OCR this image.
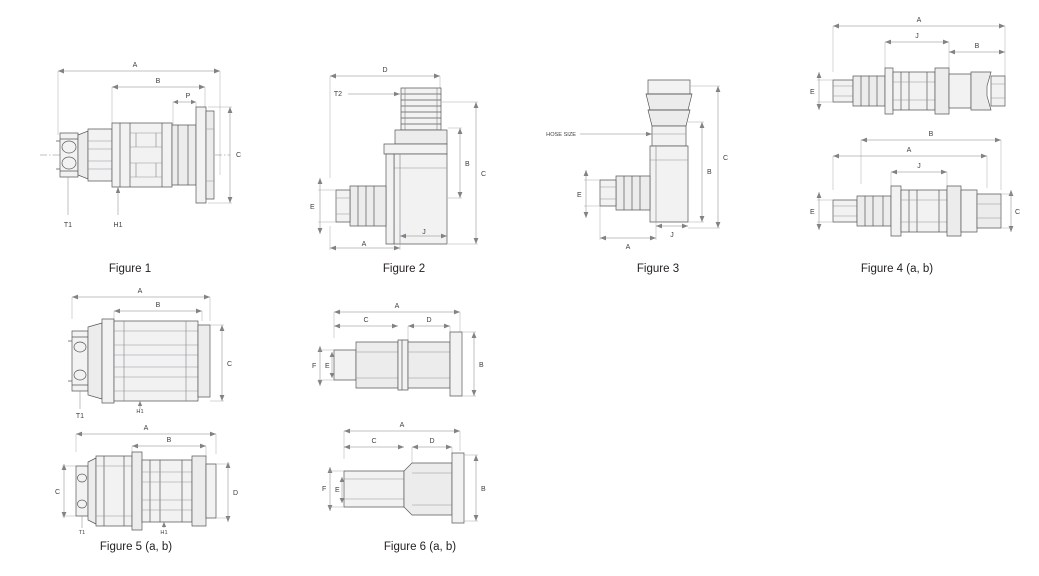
A
B
P
C
T1	H1
Figure 1
D
T2
B
C
E
A
J
Figure 2
HOSE SIZE
B
C
E
A
J
Figure 3
A
J
B
E
B
A
J
E	C
Figure 4 (a, b)
A
B
C
T1
H1
A
B
C	D
T1	H1
Figure 5 (a, b)
A
C	D
F E	B
A
C	D
F E	B
Figure 6 (a, b)
